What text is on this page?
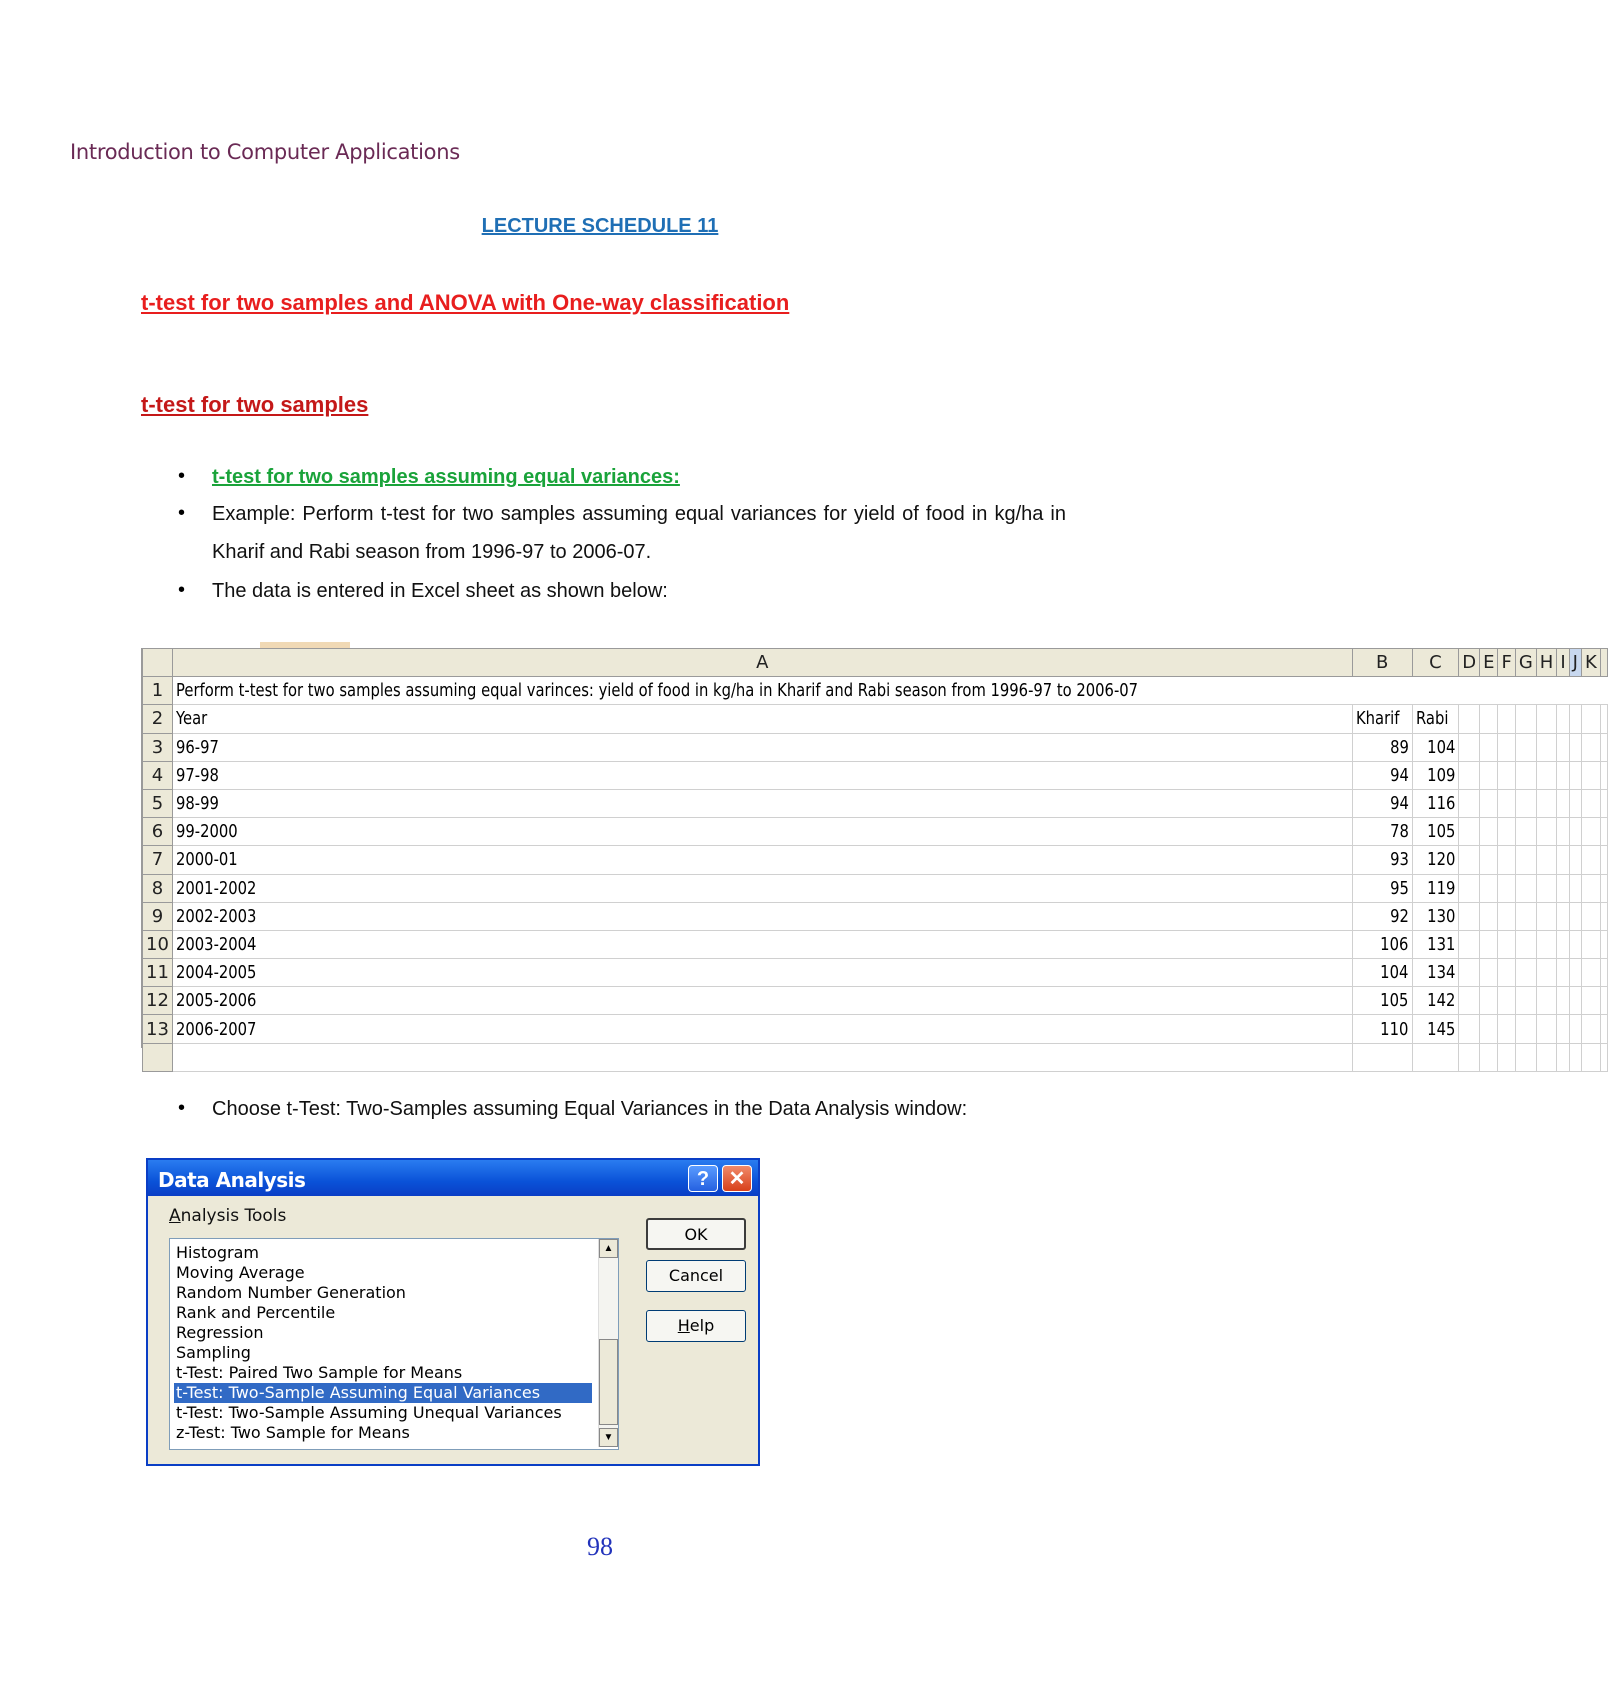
Introduction to Computer Applications
LECTURE SCHEDULE 11
t-test for two samples and ANOVA with One-way classification
t-test for two samples
• t-test for two samples assuming equal variances:
• Example: Perform t-test for two samples assuming equal variances for yield of food in kg/ha in Kharif and Rabi season from 1996-97 to 2006-07.
• The data is entered in Excel sheet as shown below:
	A	B	C	D	E	F	G	H	I	J	K	
1	Perform t-test for two samples assuming equal varinces: yield of food in kg/ha in Kharif and Rabi season from 1996-97 to 2006-07											
2	Year	Kharif	Rabi									
3	96-97	89	104									
4	97-98	94	109									
5	98-99	94	116									
6	99-2000	78	105									
7	2000-01	93	120									
8	2001-2002	95	119									
9	2002-2003	92	130									
10	2003-2004	106	131									
11	2004-2005	104	134									
12	2005-2006	105	142									
13	2006-2007	110	145									

• Choose t-Test: Two-Samples assuming Equal Variances in the Data Analysis window:
Data Analysis	? ✕
Analysis Tools
Histogram
Moving Average
Random Number Generation
Rank and Percentile
Regression
Sampling
t-Test: Paired Two Sample for Means
t-Test: Two-Sample Assuming Equal Variances
t-Test: Two-Sample Assuming Unequal Variances
z-Test: Two Sample for Means
▲
▼
OK
Cancel
Help
98
